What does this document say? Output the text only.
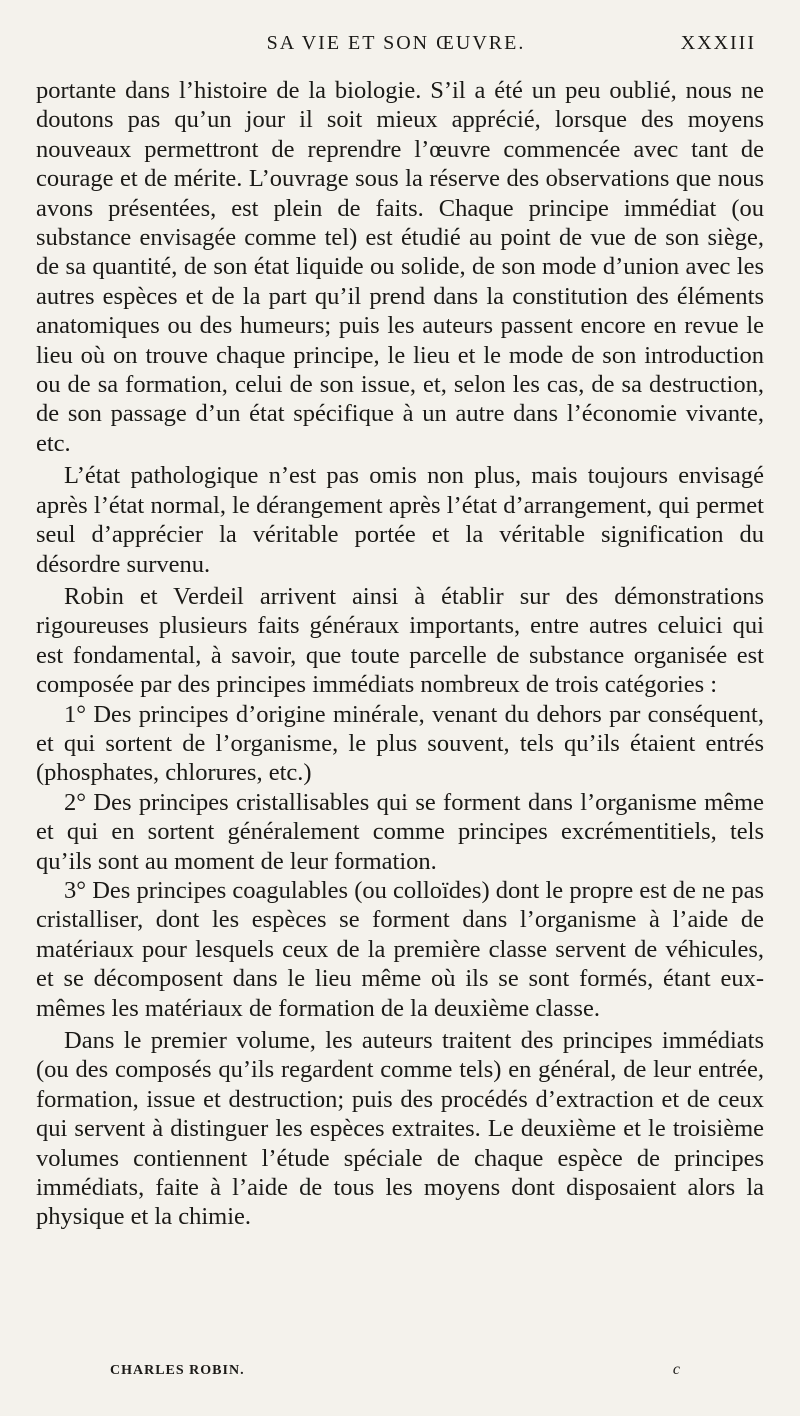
SA VIE ET SON ŒUVRE.	XXXIII

portante dans l’histoire de la biologie. S’il a été un peu oublié, nous ne doutons pas qu’un jour il soit mieux apprécié, lorsque des moyens nouveaux permettront de reprendre l’œuvre commencée avec tant de courage et de mérite. L’ouvrage sous la réserve des observations que nous avons présentées, est plein de faits. Chaque principe immédiat (ou substance envisagée comme tel) est étudié au point de vue de son siège, de sa quantité, de son état liquide ou solide, de son mode d’union avec les autres espèces et de la part qu’il prend dans la constitution des éléments anatomiques ou des humeurs; puis les auteurs passent encore en revue le lieu où on trouve chaque principe, le lieu et le mode de son introduction ou de sa formation, celui de son issue, et, selon les cas, de sa destruction, de son passage d’un état spécifique à un autre dans l’économie vivante, etc.

L’état pathologique n’est pas omis non plus, mais toujours envisagé après l’état normal, le dérangement après l’état d’arrangement, qui permet seul d’apprécier la véritable portée et la véritable signification du désordre survenu.

Robin et Verdeil arrivent ainsi à établir sur des démonstrations rigoureuses plusieurs faits généraux importants, entre autres celuici qui est fondamental, à savoir, que toute parcelle de substance organisée est composée par des principes immédiats nombreux de trois catégories :

1° Des principes d’origine minérale, venant du dehors par conséquent, et qui sortent de l’organisme, le plus souvent, tels qu’ils étaient entrés (phosphates, chlorures, etc.)

2° Des principes cristallisables qui se forment dans l’organisme même et qui en sortent généralement comme principes excrémentitiels, tels qu’ils sont au moment de leur formation.

3° Des principes coagulables (ou colloïdes) dont le propre est de ne pas cristalliser, dont les espèces se forment dans l’organisme à l’aide de matériaux pour lesquels ceux de la première classe servent de véhicules, et se décomposent dans le lieu même où ils se sont formés, étant eux-mêmes les matériaux de formation de la deuxième classe.

Dans le premier volume, les auteurs traitent des principes immédiats (ou des composés qu’ils regardent comme tels) en général, de leur entrée, formation, issue et destruction; puis des procédés d’extraction et de ceux qui servent à distinguer les espèces extraites. Le deuxième et le troisième volumes contiennent l’étude spéciale de chaque espèce de principes immédiats, faite à l’aide de tous les moyens dont disposaient alors la physique et la chimie.

CHARLES ROBIN.	c
